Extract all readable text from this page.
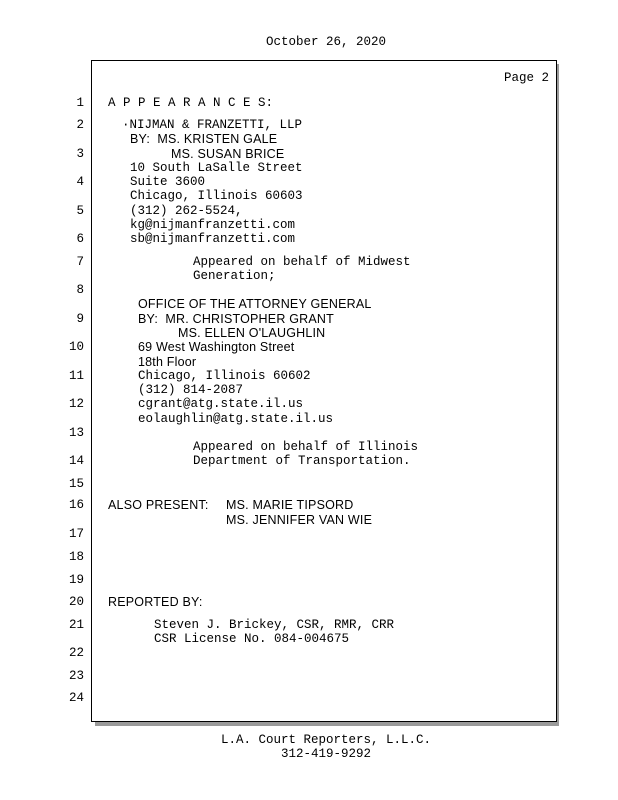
October 26, 2020
Page 2
1
2
3
4
5
6
7
8
9
10
11
12
13
14
15
16
17
18
19
20
21
22
23
24
A P P E A R A N C E S:
·NIJMAN & FRANZETTI, LLP
BY:  MS. KRISTEN GALE
MS. SUSAN BRICE
10 South LaSalle Street
Suite 3600
Chicago, Illinois 60603
(312) 262-5524,
kg@nijmanfranzetti.com
sb@nijmanfranzetti.com
Appeared on behalf of Midwest
Generation;
OFFICE OF THE ATTORNEY GENERAL
BY:  MR. CHRISTOPHER GRANT
MS. ELLEN O'LAUGHLIN
69 West Washington Street
18th Floor
Chicago, Illinois 60602
(312) 814-2087
cgrant@atg.state.il.us
eolaughlin@atg.state.il.us
Appeared on behalf of Illinois
Department of Transportation.
ALSO PRESENT: MS. MARIE TIPSORD
MS. JENNIFER VAN WIE
REPORTED BY:
Steven J. Brickey, CSR, RMR, CRR
CSR License No. 084-004675
L.A. Court Reporters, L.L.C.
312-419-9292
